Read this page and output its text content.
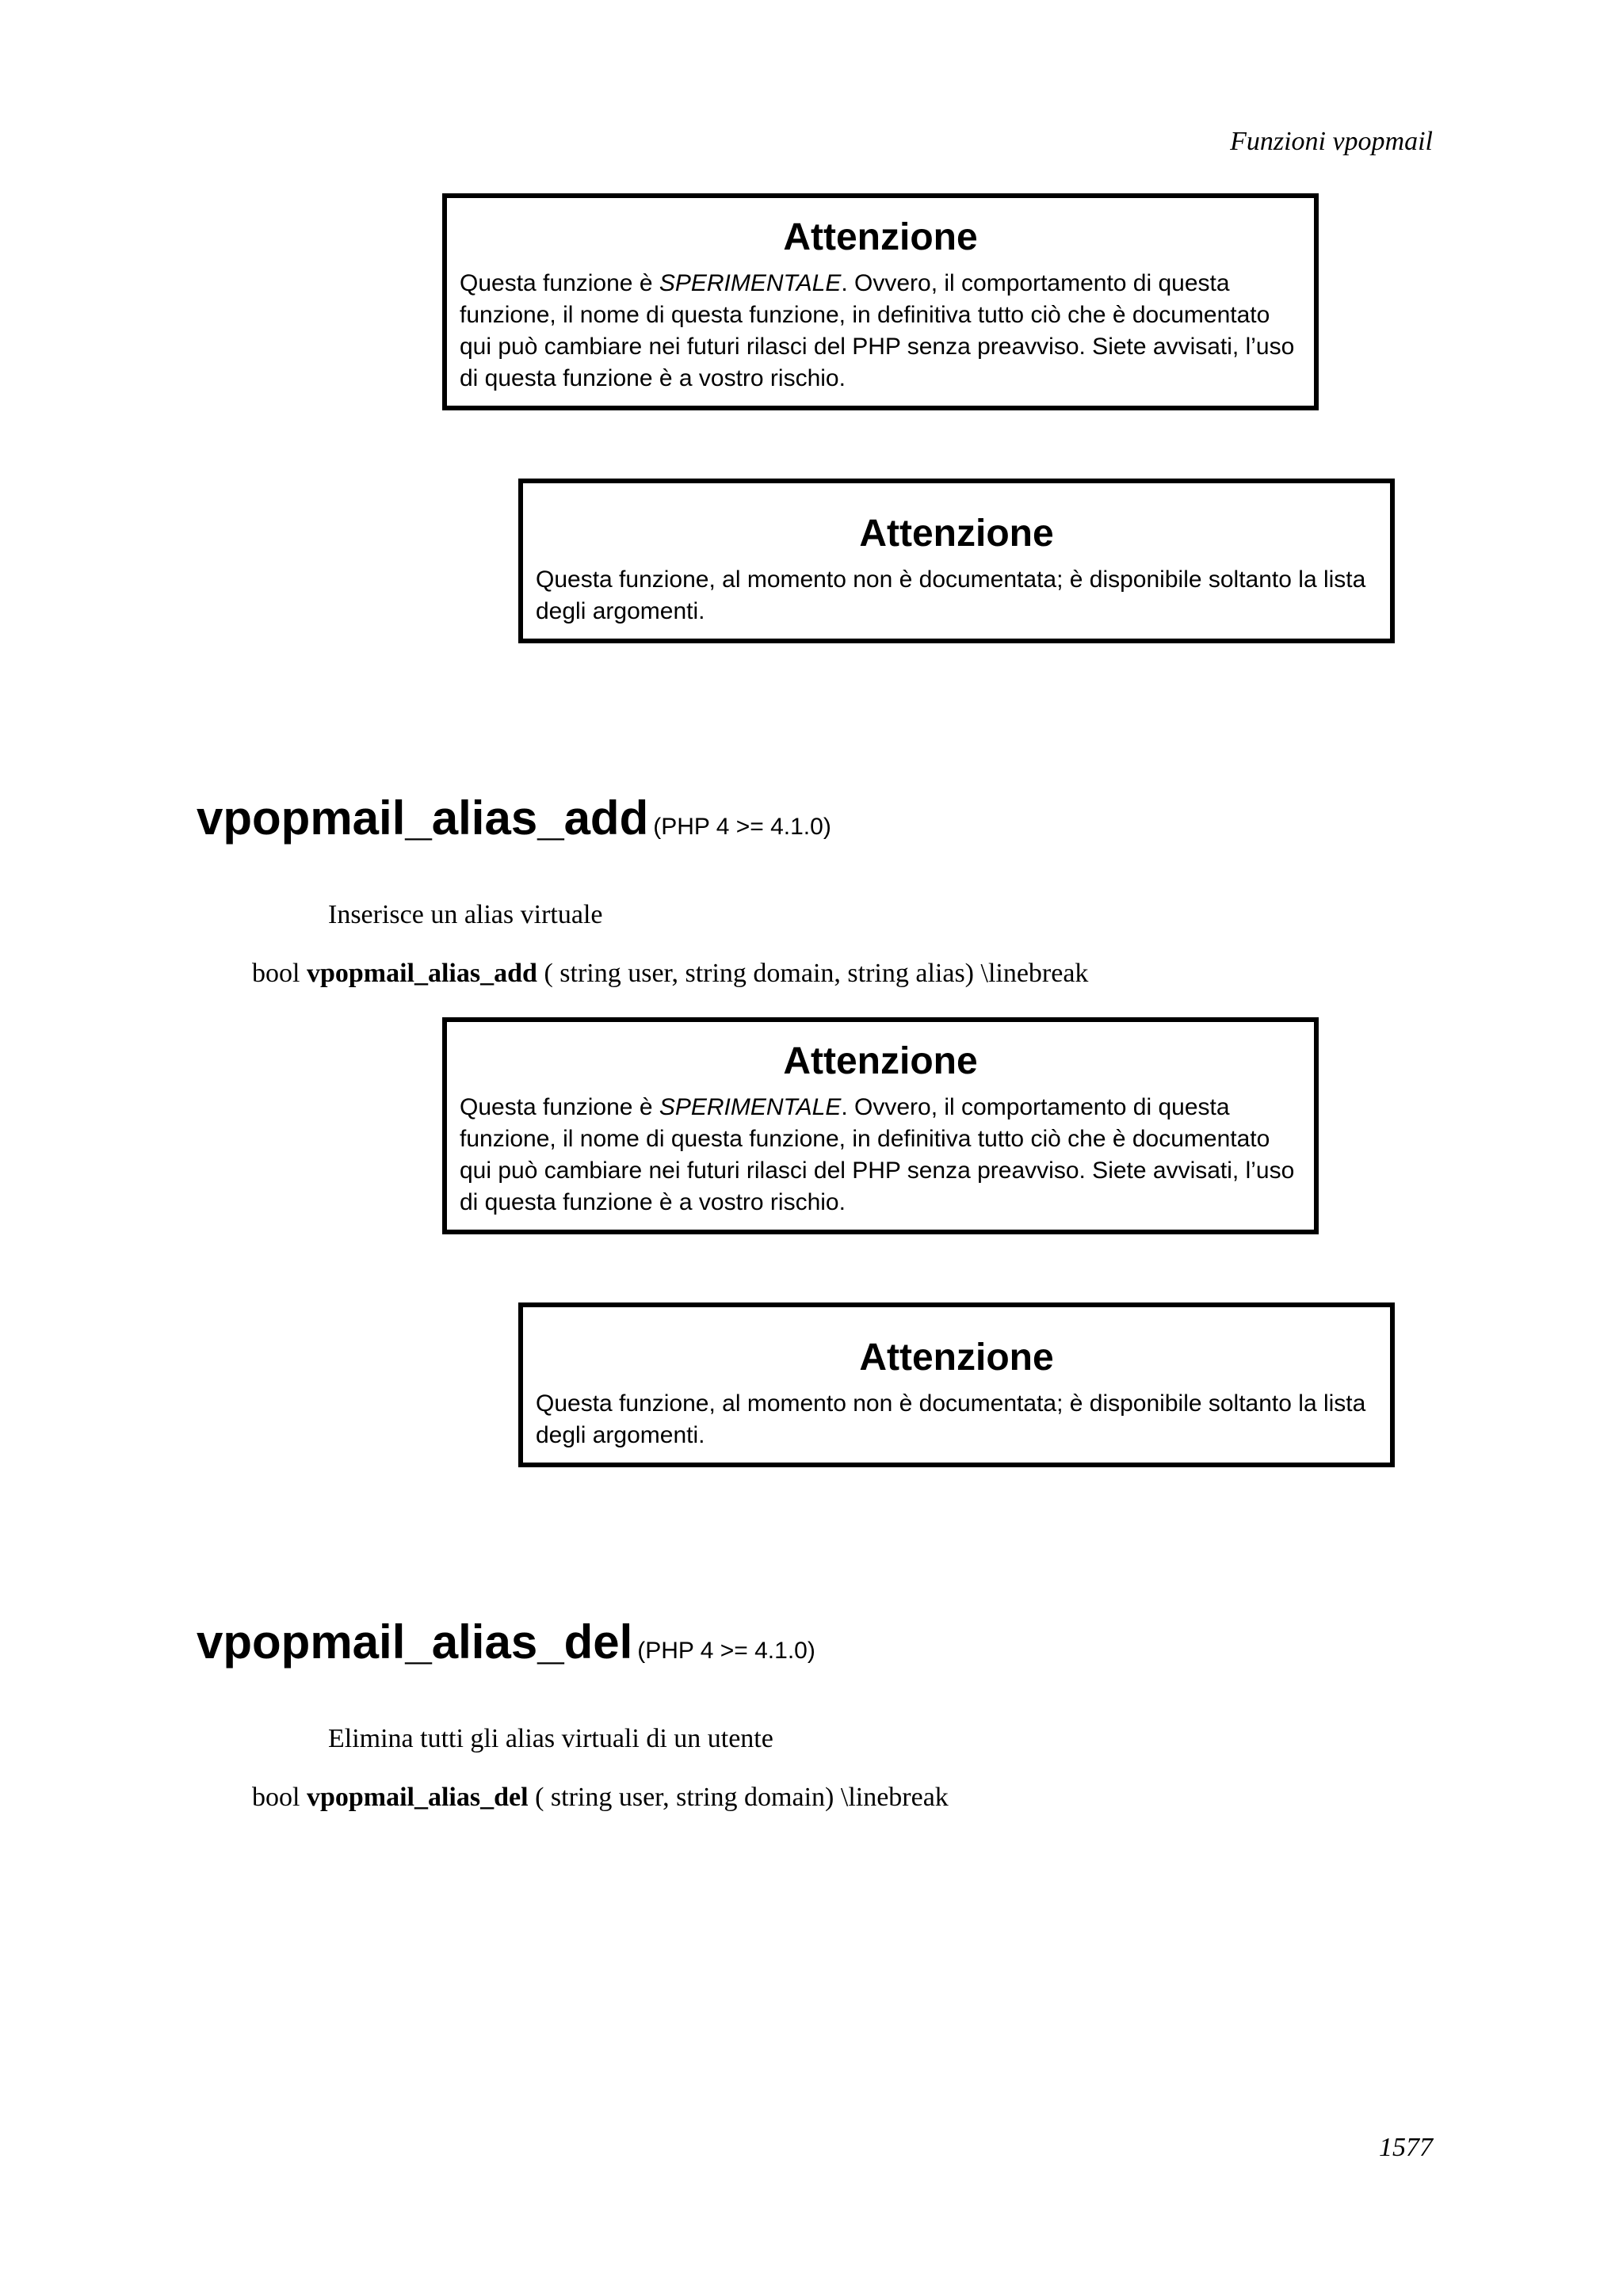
Funzioni vpopmail
Attenzione

Questa funzione è SPERIMENTALE. Ovvero, il comportamento di questa funzione, il nome di questa funzione, in definitiva tutto ciò che è documentato qui può cambiare nei futuri rilasci del PHP senza preavviso. Siete avvisati, l’uso di questa funzione è a vostro rischio.

Attenzione

Questa funzione, al momento non è documentata; è disponibile soltanto la lista degli argomenti.

vpopmail_alias_add (PHP 4 >= 4.1.0)
Inserisce un alias virtuale
bool vpopmail_alias_add ( string user, string domain, string alias) \linebreak
Attenzione

Questa funzione è SPERIMENTALE. Ovvero, il comportamento di questa funzione, il nome di questa funzione, in definitiva tutto ciò che è documentato qui può cambiare nei futuri rilasci del PHP senza preavviso. Siete avvisati, l’uso di questa funzione è a vostro rischio.

Attenzione

Questa funzione, al momento non è documentata; è disponibile soltanto la lista degli argomenti.

vpopmail_alias_del (PHP 4 >= 4.1.0)
Elimina tutti gli alias virtuali di un utente
bool vpopmail_alias_del ( string user, string domain) \linebreak
1577
